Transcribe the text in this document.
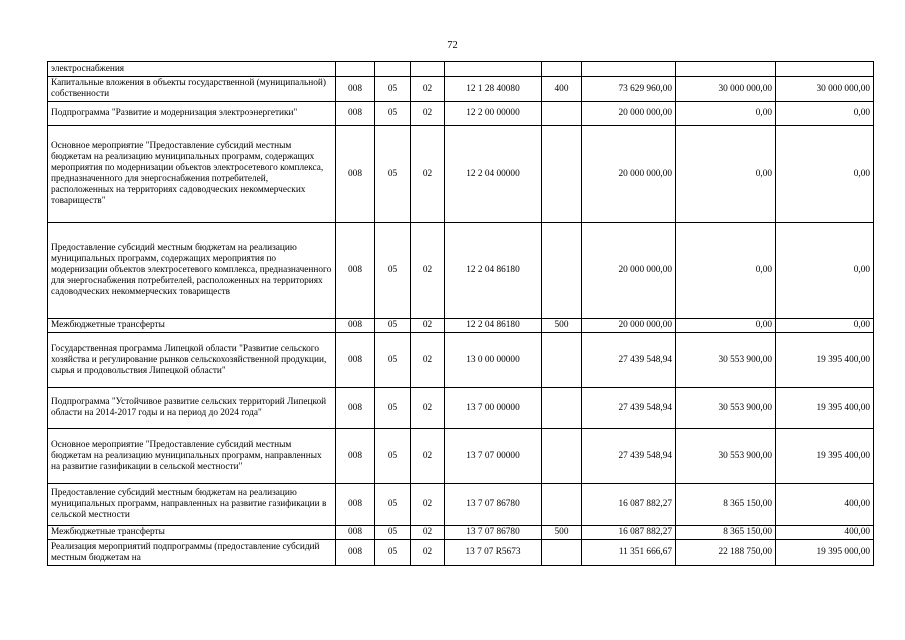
72
электроснабжения								
Капитальные вложения в объекты государственной (муниципальной) собственности	008	05	02	12 1 28 40080	400	73 629 960,00	30 000 000,00	30 000 000,00
Подпрограмма "Развитие и модернизация электроэнергетики"	008	05	02	12 2 00 00000		20 000 000,00	0,00	0,00
Основное мероприятие "Предоставление субсидий местным бюджетам на реализацию муниципальных программ, содержащих мероприятия по модернизации объектов электросетевого комплекса, предназначенного для энергоснабжения потребителей, расположенных на территориях садоводческих некоммерческих товариществ"	008	05	02	12 2 04 00000		20 000 000,00	0,00	0,00
Предоставление субсидий местным бюджетам на реализацию муниципальных программ, содержащих мероприятия по модернизации объектов электросетевого комплекса, предназначенного для энергоснабжения потребителей, расположенных на территориях садоводческих некоммерческих товариществ	008	05	02	12 2 04 86180		20 000 000,00	0,00	0,00
Межбюджетные трансферты	008	05	02	12 2 04 86180	500	20 000 000,00	0,00	0,00
Государственная программа Липецкой области "Развитие сельского хозяйства и регулирование рынков сельскохозяйственной продукции, сырья и продовольствия Липецкой области"	008	05	02	13 0 00 00000		27 439 548,94	30 553 900,00	19 395 400,00
Подпрограмма "Устойчивое развитие сельских территорий Липецкой области на 2014-2017 годы и на период до 2024 года"	008	05	02	13 7 00 00000		27 439 548,94	30 553 900,00	19 395 400,00
Основное мероприятие "Предоставление субсидий местным бюджетам на реализацию муниципальных программ, направленных на развитие газификации в сельской местности"	008	05	02	13 7 07 00000		27 439 548,94	30 553 900,00	19 395 400,00
Предоставление субсидий местным бюджетам на реализацию муниципальных программ, направленных на развитие газификации в сельской местности	008	05	02	13 7 07 86780		16 087 882,27	8 365 150,00	400,00
Межбюджетные трансферты	008	05	02	13 7 07 86780	500	16 087 882,27	8 365 150,00	400,00
Реализация мероприятий подпрограммы (предоставление субсидий местным бюджетам на	008	05	02	13 7 07 R5673		11 351 666,67	22 188 750,00	19 395 000,00
